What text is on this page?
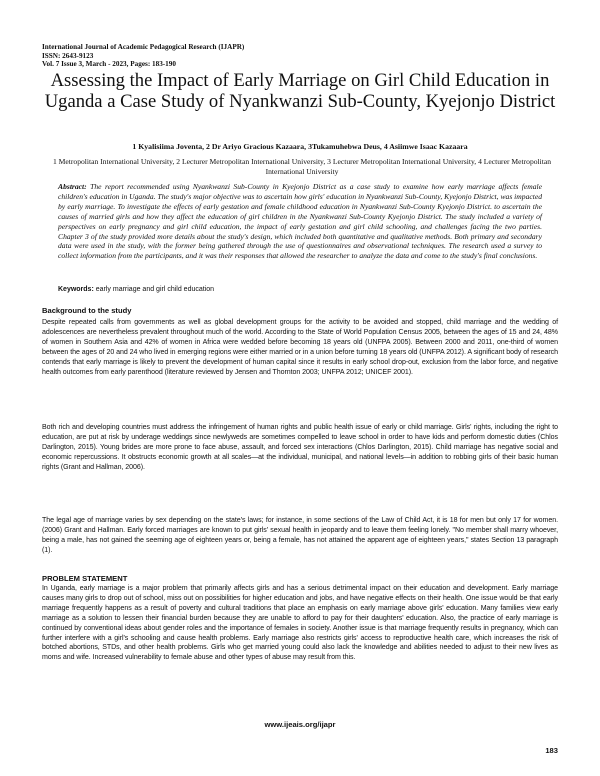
International Journal of Academic Pedagogical Research (IJAPR)
ISSN: 2643-9123
Vol. 7 Issue 3, March - 2023, Pages: 183-190
Assessing the Impact of Early Marriage on Girl Child Education in Uganda a Case Study of Nyankwanzi Sub-County, Kyejonjo District
1 Kyalisiima Joventa, 2 Dr Ariyo Gracious Kazaara, 3Tukamuhebwa Deus, 4 Asiimwe Isaac Kazaara
1 Metropolitan International University, 2 Lecturer Metropolitan International University, 3 Lecturer Metropolitan International University, 4 Lecturer Metropolitan International University
Abstract: The report recommended using Nyankwanzi Sub-County in Kyejonjo District as a case study to examine how early marriage affects female children's education in Uganda. The study's major objective was to ascertain how girls' education in Nyankwanzi Sub-County, Kyejonjo District, was impacted by early marriage. To investigate the effects of early gestation and female childhood education in Nyankwanzi Sub-County Kyejonjo District. to ascertain the causes of married girls and how they affect the education of girl children in the Nyankwanzi Sub-County Kyejonjo District. The study included a variety of perspectives on early pregnancy and girl child education, the impact of early gestation and girl child schooling, and challenges facing the two parties. Chapter 3 of the study provided more details about the study's design, which included both quantitative and qualitative methods. Both primary and secondary data were used in the study, with the former being gathered through the use of questionnaires and observational techniques. The research used a survey to collect information from the participants, and it was their responses that allowed the researcher to analyze the data and come to the study's final conclusions.
Keywords: early marriage and girl child education
Background to the study
Despite repeated calls from governments as well as global development groups for the activity to be avoided and stopped, child marriage and the wedding of adolescences are nevertheless prevalent throughout much of the world. According to the State of World Population Census 2005, between the ages of 15 and 24, 48% of women in Southern Asia and 42% of women in Africa were wedded before becoming 18 years old (UNFPA 2005). Between 2000 and 2011, one-third of women between the ages of 20 and 24 who lived in emerging regions were either married or in a union before turning 18 years old (UNFPA 2012). A significant body of research contends that early marriage is likely to prevent the development of human capital since it results in early school drop-out, exclusion from the labor force, and negative health outcomes from early parenthood (literature reviewed by Jensen and Thornton 2003; UNFPA 2012; UNICEF 2001).
Both rich and developing countries must address the infringement of human rights and public health issue of early or child marriage. Girls' rights, including the right to education, are put at risk by underage weddings since newlyweds are sometimes compelled to leave school in order to have kids and perform domestic duties (Chlos Darlington, 2015). Young brides are more prone to face abuse, assault, and forced sex interactions (Chlos Darlington, 2015). Child marriage has negative social and economic repercussions. It obstructs economic growth at all scales—at the individual, municipal, and national levels—in addition to robbing girls of their basic human rights (Grant and Hallman, 2006).
The legal age of marriage varies by sex depending on the state's laws; for instance, in some sections of the Law of Child Act, it is 18 for men but only 17 for women. (2006) Grant and Hallman. Early forced marriages are known to put girls' sexual health in jeopardy and to leave them feeling lonely. "No member shall marry whoever, being a male, has not gained the seeming age of eighteen years or, being a female, has not attained the apparent age of eighteen years," states Section 13 paragraph (1).
PROBLEM STATEMENT
In Uganda, early marriage is a major problem that primarily affects girls and has a serious detrimental impact on their education and development. Early marriage causes many girls to drop out of school, miss out on possibilities for higher education and jobs, and have negative effects on their health. One issue would be that early marriage frequently happens as a result of poverty and cultural traditions that place an emphasis on early marriage above girls' education. Many families view early marriage as a solution to lessen their financial burden because they are unable to afford to pay for their daughters' education. Also, the practice of early marriage is continued by conventional ideas about gender roles and the importance of females in society. Another issue is that marriage frequently results in pregnancy, which can further interfere with a girl's schooling and cause health problems. Early marriage also restricts girls' access to reproductive health care, which increases the risk of botched abortions, STDs, and other health problems. Girls who get married young could also lack the knowledge and abilities needed to adjust to their new lives as moms and wife. Increased vulnerability to female abuse and other types of abuse may result from this.
www.ijeais.org/ijapr
183
